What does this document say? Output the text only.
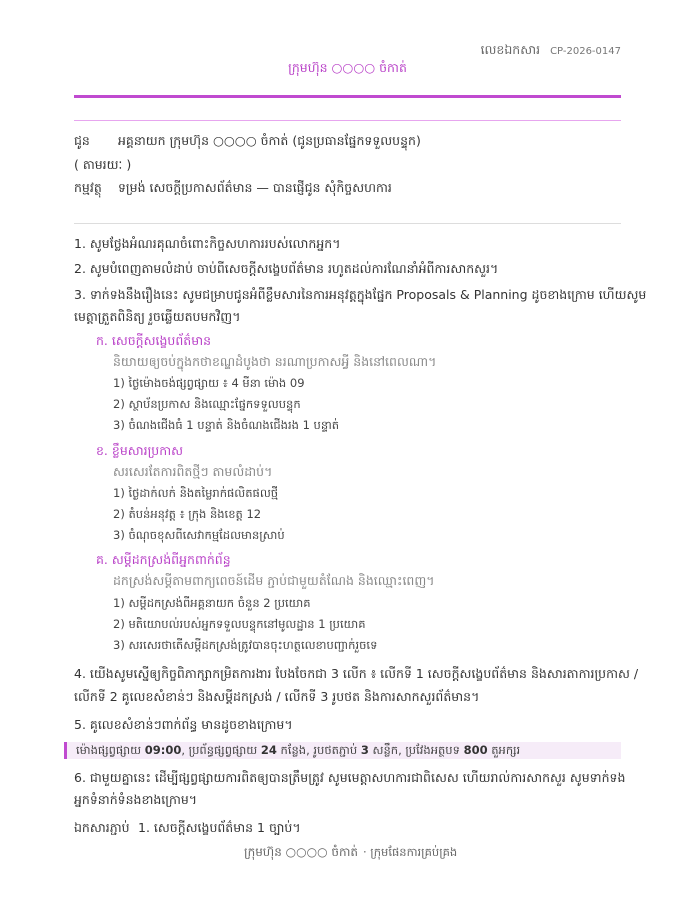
លេខឯកសារ CP-2026-0147
ក្រុមហ៊ុន ○○○○ ចំកាត់
ជូន អគ្គនាយក ក្រុមហ៊ុន ○○○○ ចំកាត់ (ជូនប្រធានផ្នែកទទួលបន្ទុក)
( តាមរយៈ )
កម្មវត្ថុ ទម្រង់ សេចក្តីប្រកាសព័ត៌មាន — បានផ្ញើជូន សុំកិច្ចសហការ
1. សូមថ្លែងអំណរគុណចំពោះកិច្ចសហការរបស់លោកអ្នក។
2. សូមបំពេញតាមលំដាប់ ចាប់ពីសេចក្តីសង្ខេបព័ត៌មាន រហូតដល់ការណែនាំអំពីការសាកសួរ។
3. ទាក់ទងនឹងរឿងនេះ សូមជម្រាបជូនអំពីខ្លឹមសារនៃការអនុវត្តក្នុងផ្នែក Proposals & Planning ដូចខាងក្រោម ហើយសូម
មេត្តាត្រួតពិនិត្យ រួចឆ្លើយតបមកវិញ។
ក. សេចក្តីសង្ខេបព័ត៌មាន
និយាយឲ្យចប់ក្នុងកថាខណ្ឌដំបូងថា នរណាប្រកាសអ្វី និងនៅពេលណា។
1) ថ្ងៃម៉ោងចង់ផ្សព្វផ្សាយ ៖ 4 មីនា ម៉ោង 09
2) ស្ថាប័នប្រកាស និងឈ្មោះផ្នែកទទួលបន្ទុក
3) ចំណងជើងធំ 1 បន្ទាត់ និងចំណងជើងរង 1 បន្ទាត់
ខ. ខ្លឹមសារប្រកាស
សរសេរតែការពិតថ្មីៗ តាមលំដាប់។
1) ថ្ងៃដាក់លក់ និងតម្លៃរាក់ផលិតផលថ្មី
2) តំបន់អនុវត្ត ៖ ក្រុង និងខេត្ត 12
3) ចំណុចខុសពីសេវាកម្មដែលមានស្រាប់
គ. សម្តីដកស្រង់ពីអ្នកពាក់ព័ន្ធ
ដកស្រង់សម្តីតាមពាក្យពេចន៍ដើម ភ្ជាប់ជាមួយតំណែង និងឈ្មោះពេញ។
1) សម្តីដកស្រង់ពីអគ្គនាយក ចំនួន 2 ប្រយោគ
2) មតិយោបល់របស់អ្នកទទួលបន្ទុកនៅមូលដ្ឋាន 1 ប្រយោគ
3) សរសេរថាតើសម្តីដកស្រង់ត្រូវបានចុះហត្ថលេខាបញ្ជាក់រួចទេ
4. យើងសូមស្នើឲ្យកិច្ចពិភាក្សាកម្រិតការងារ បែងចែកជា 3 លើក ៖ លើកទី 1 សេចក្តីសង្ខេបព័ត៌មាន និងសារតាការប្រកាស /
លើកទី 2 គូលេខសំខាន់ៗ និងសម្តីដកស្រង់ / លើកទី 3 រូបថត និងការសាកសួរព័ត៌មាន។
5. គូលេខសំខាន់ៗពាក់ព័ន្ធ មានដូចខាងក្រោម។
ម៉ោងផ្សព្វផ្សាយ 09:00, ប្រព័ន្ធផ្សព្វផ្សាយ 24 កន្លែង, រូបថតភ្ជាប់ 3 សន្លឹក, ប្រវែងអត្ថបទ 800 តួអក្សរ
6. ជាមួយគ្នានេះ ដើម្បីផ្សព្វផ្សាយការពិតឲ្យបានត្រឹមត្រូវ សូមមេត្តាសហការជាពិសេស ហើយរាល់ការសាកសួរ សូមទាក់ទង
អ្នកទំនាក់ទំនងខាងក្រោម។
ឯកសារភ្ជាប់ 1. សេចក្តីសង្ខេបព័ត៌មាន 1 ច្បាប់។
ក្រុមហ៊ុន ○○○○ ចំកាត់ · ក្រុមផែនការគ្រប់គ្រង
